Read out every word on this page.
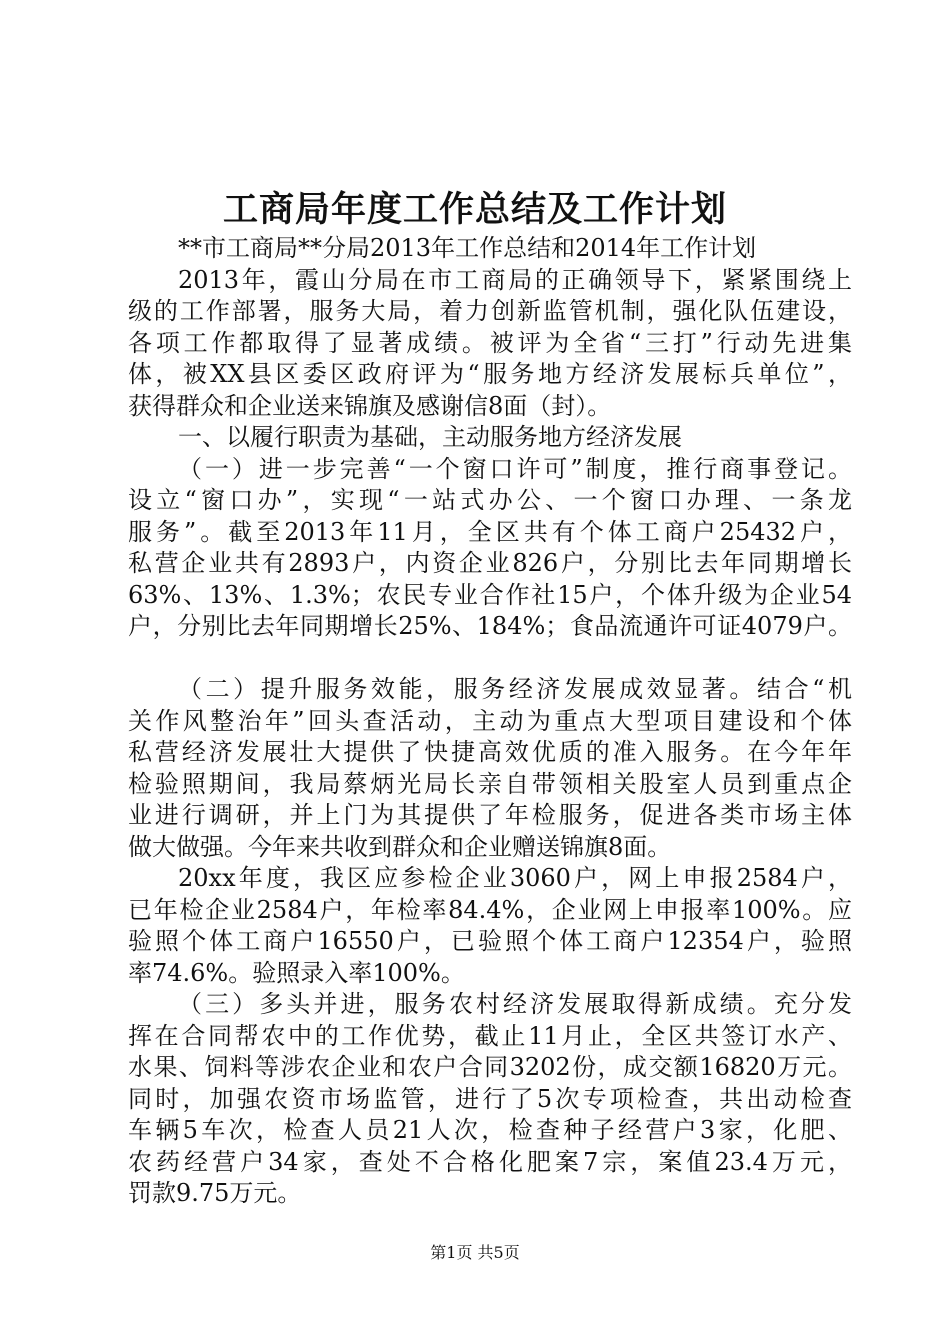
工商局年度工作总结及工作计划
**市工商局**分局2013年工作总结和2014年工作计划
2013年，霞山分局在市工商局的正确领导下，紧紧围绕上
级的工作部署，服务大局，着力创新监管机制，强化队伍建设，
各项工作都取得了显著成绩。被评为全省“三打”行动先进集
体，被XX县区委区政府评为“服务地方经济发展标兵单位”，
获得群众和企业送来锦旗及感谢信8面（封）。
一、以履行职责为基础，主动服务地方经济发展
（一）进一步完善“一个窗口许可”制度，推行商事登记。
设立“窗口办”，实现“一站式办公、一个窗口办理、一条龙
服务”。截至2013年11月，全区共有个体工商户25432户，
私营企业共有2893户，内资企业826户，分别比去年同期增长
63%、13%、1.3%；农民专业合作社15户，个体升级为企业54
户，分别比去年同期增长25%、184%；食品流通许可证4079户。
（二）提升服务效能，服务经济发展成效显著。结合“机
关作风整治年”回头查活动，主动为重点大型项目建设和个体
私营经济发展壮大提供了快捷高效优质的准入服务。在今年年
检验照期间，我局蔡炳光局长亲自带领相关股室人员到重点企
业进行调研，并上门为其提供了年检服务，促进各类市场主体
做大做强。今年来共收到群众和企业赠送锦旗8面。
20xx年度，我区应参检企业3060户，网上申报2584户，
已年检企业2584户，年检率84.4%，企业网上申报率100%。应
验照个体工商户16550户，已验照个体工商户12354户，验照
率74.6%。验照录入率100%。
（三）多头并进，服务农村经济发展取得新成绩。充分发
挥在合同帮农中的工作优势，截止11月止，全区共签订水产、
水果、饲料等涉农企业和农户合同3202份，成交额16820万元。
同时，加强农资市场监管，进行了5次专项检查，共出动检查
车辆5车次，检查人员21人次，检查种子经营户3家，化肥、
农药经营户34家，查处不合格化肥案7宗，案值23.4万元，
罚款9.75万元。
第1页 共5页
